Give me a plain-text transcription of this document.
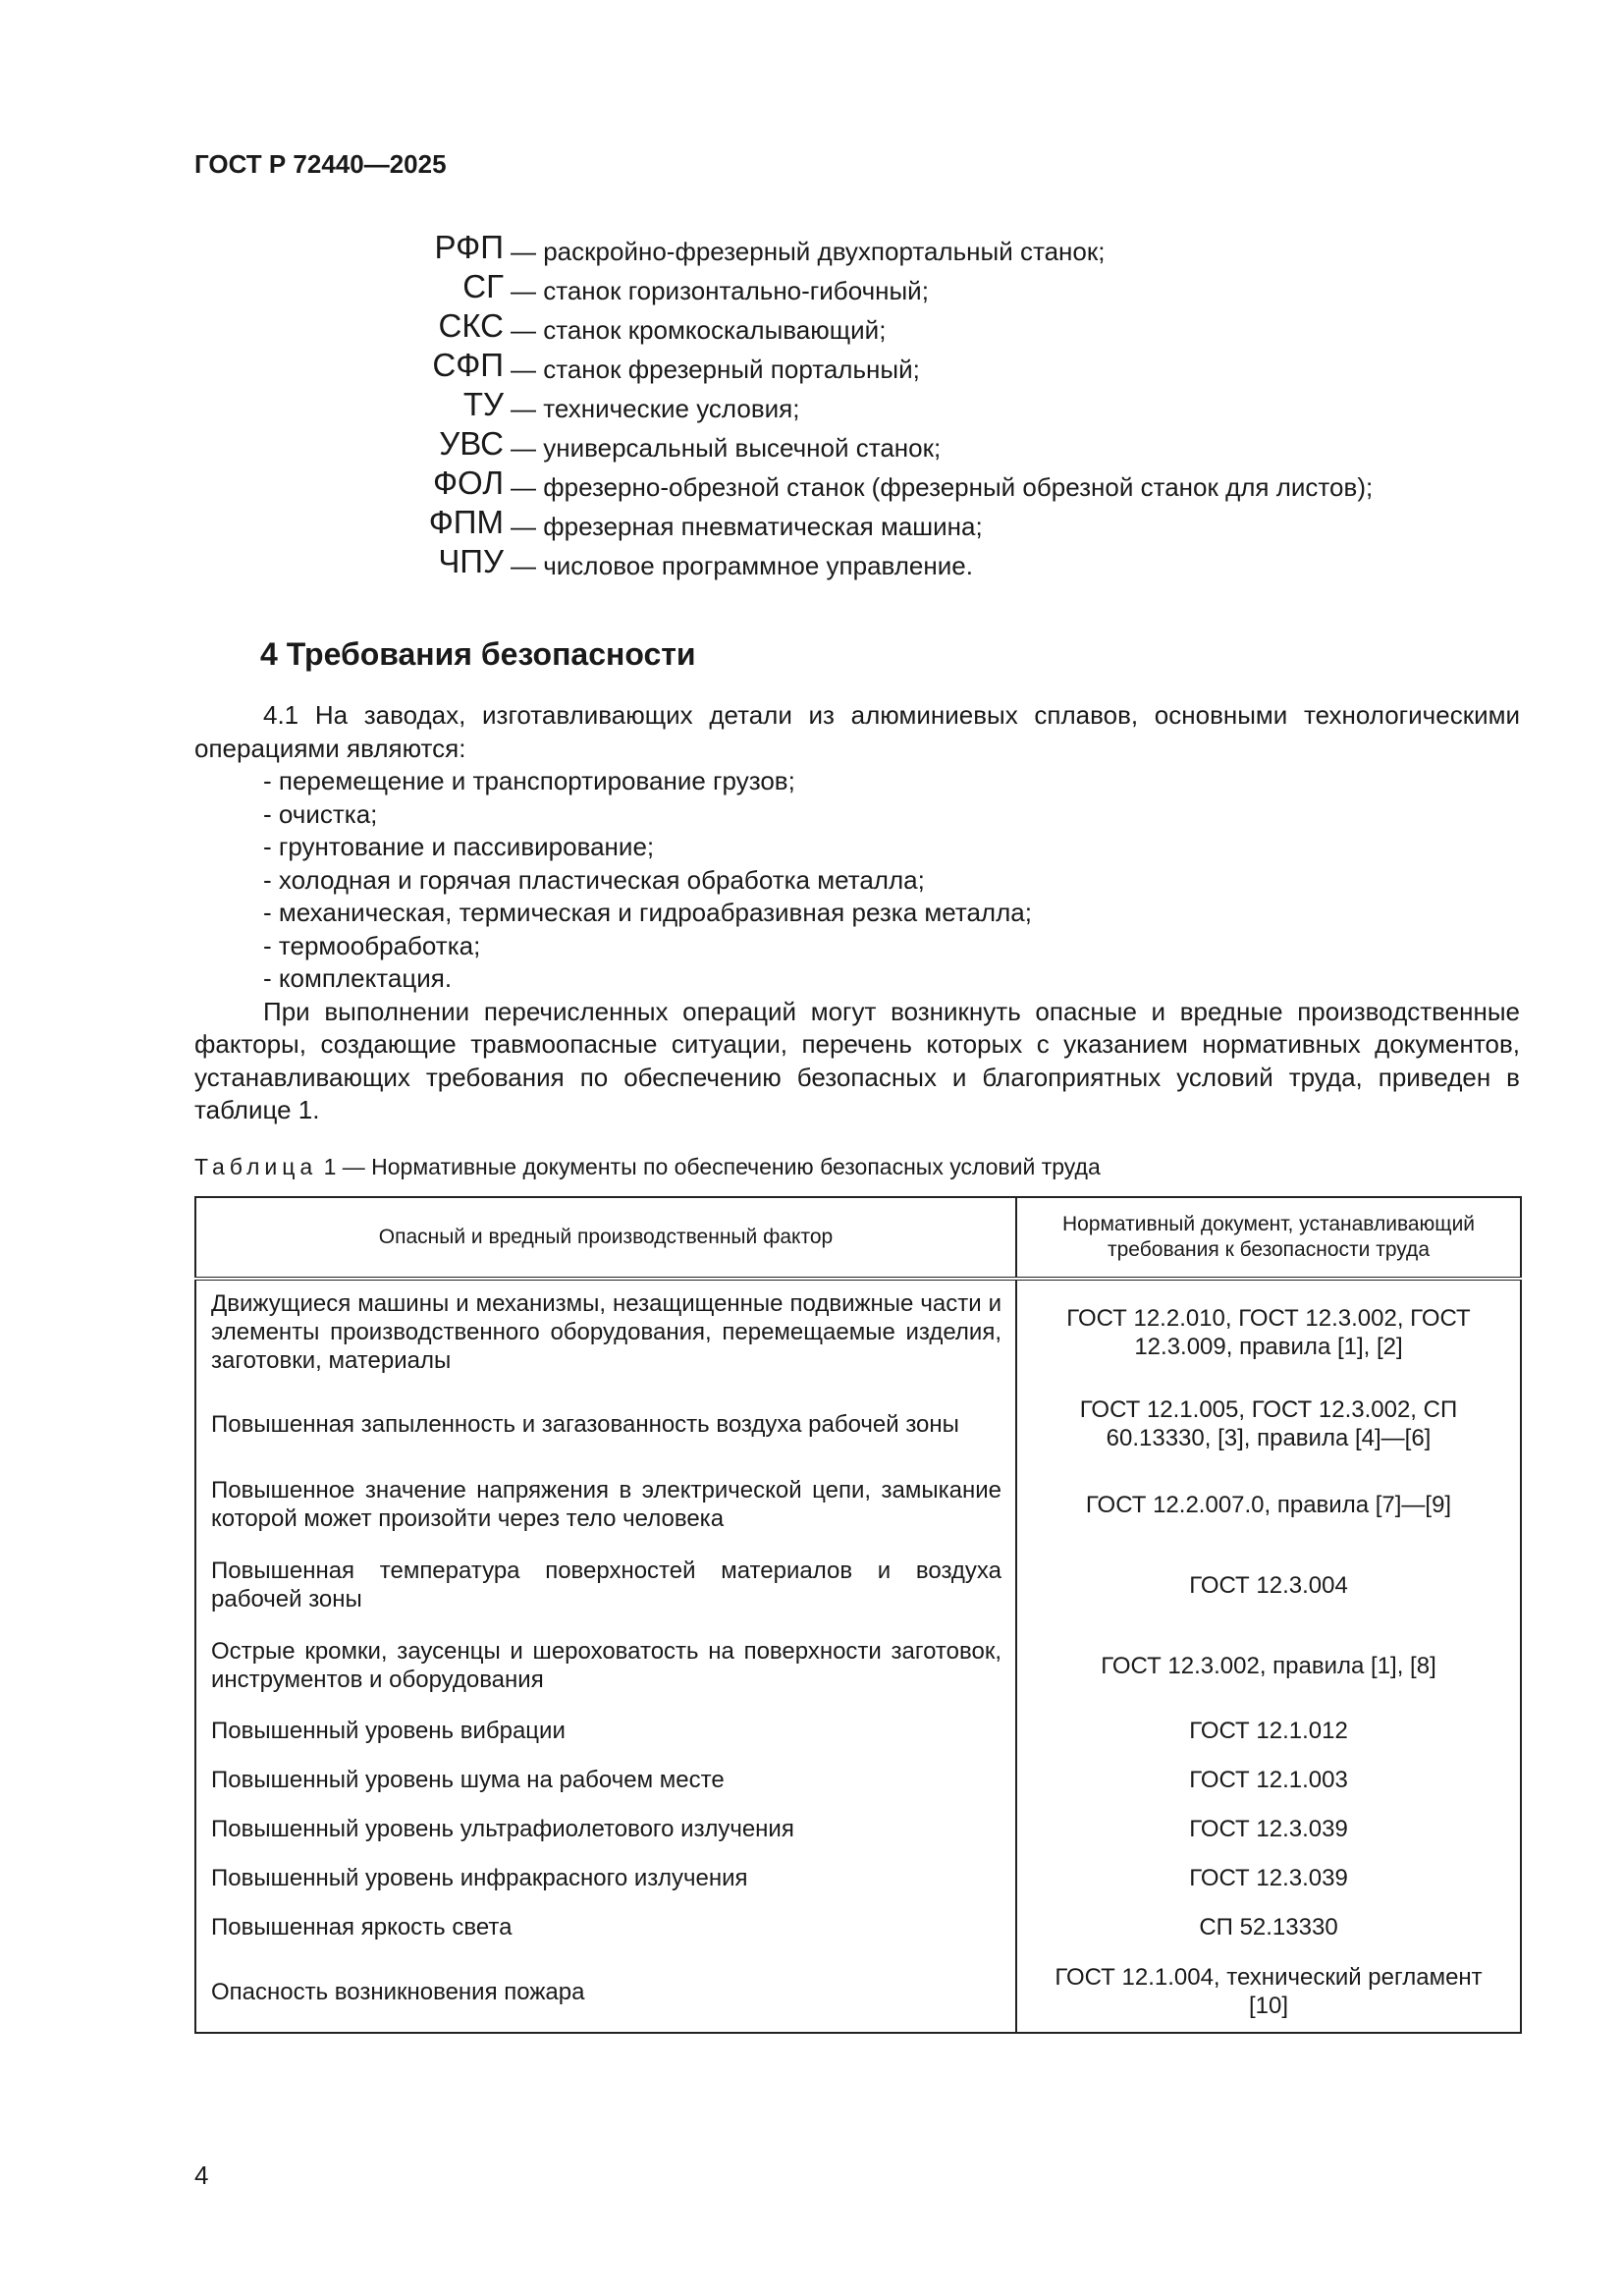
ГОСТ Р 72440—2025
РФП — раскройно-фрезерный двухпортальный станок;
СГ — станок горизонтально-гибочный;
СКС — станок кромкоскалывающий;
СФП — станок фрезерный портальный;
ТУ — технические условия;
УВС — универсальный высечной станок;
ФОЛ — фрезерно-обрезной станок (фрезерный обрезной станок для листов);
ФПМ — фрезерная пневматическая машина;
ЧПУ — числовое программное управление.
4 Требования безопасности

4.1 На заводах, изготавливающих детали из алюминиевых сплавов, основными технологическими операциями являются:

- перемещение и транспортирование грузов;
- очистка;
- грунтование и пассивирование;
- холодная и горячая пластическая обработка металла;
- механическая, термическая и гидроабразивная резка металла;
- термообработка;
- комплектация.

При выполнении перечисленных операций могут возникнуть опасные и вредные производственные факторы, создающие травмоопасные ситуации, перечень которых с указанием нормативных документов, устанавливающих требования по обеспечению безопасных и благоприятных условий труда, приведен в таблице 1.

Таблица 1 — Нормативные документы по обеспечению безопасных условий труда
Опасный и вредный производственный фактор	Нормативный документ, устанавливающий требования к безопасности труда
Движущиеся машины и механизмы, незащищенные подвижные части и элементы производственного оборудования, перемещаемые изделия, заготовки, материалы	ГОСТ 12.2.010, ГОСТ 12.3.002, ГОСТ 12.3.009, правила [1], [2]
Повышенная запыленность и загазованность воздуха рабочей зоны	ГОСТ 12.1.005, ГОСТ 12.3.002, СП 60.13330, [3], правила [4]—[6]
Повышенное значение напряжения в электрической цепи, замыкание которой может произойти через тело человека	ГОСТ 12.2.007.0, правила [7]—[9]
Повышенная температура поверхностей материалов и воздуха рабочей зоны	ГОСТ 12.3.004
Острые кромки, заусенцы и шероховатость на поверхности заготовок, инструментов и оборудования	ГОСТ 12.3.002, правила [1], [8]
Повышенный уровень вибрации	ГОСТ 12.1.012
Повышенный уровень шума на рабочем месте	ГОСТ 12.1.003
Повышенный уровень ультрафиолетового излучения	ГОСТ 12.3.039
Повышенный уровень инфракрасного излучения	ГОСТ 12.3.039
Повышенная яркость света	СП 52.13330
Опасность возникновения пожара	ГОСТ 12.1.004, технический регламент [10]
4
